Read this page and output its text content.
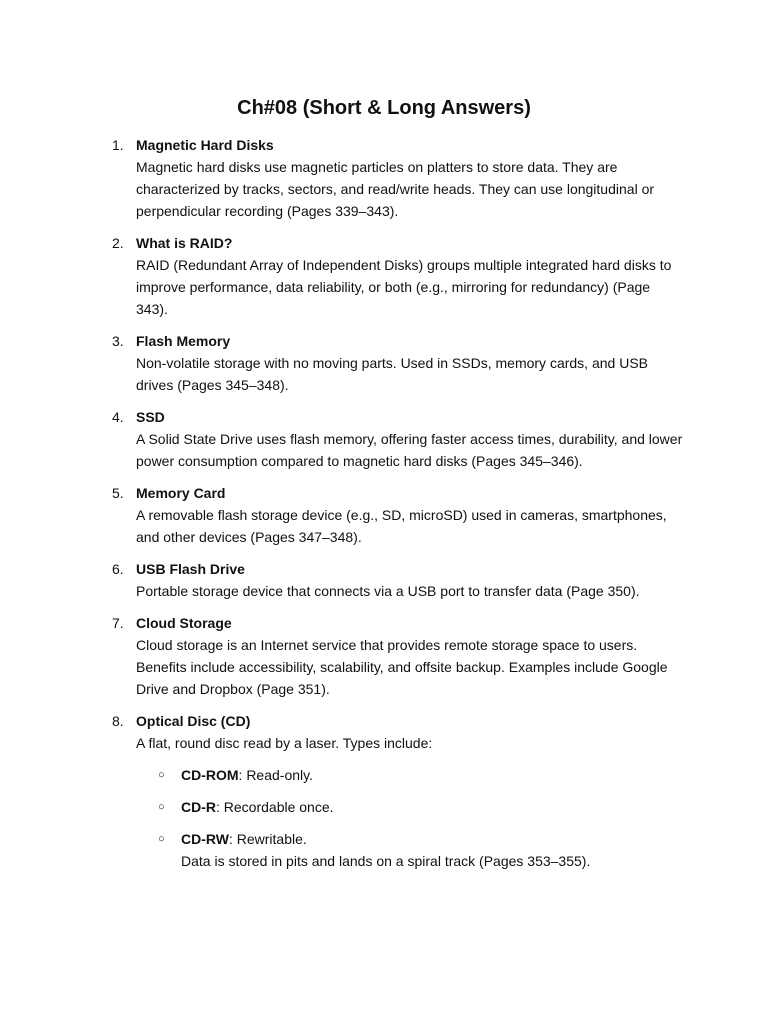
Ch#08 (Short & Long Answers)
1. Magnetic Hard Disks
Magnetic hard disks use magnetic particles on platters to store data. They are characterized by tracks, sectors, and read/write heads. They can use longitudinal or perpendicular recording (Pages 339–343).
2. What is RAID?
RAID (Redundant Array of Independent Disks) groups multiple integrated hard disks to improve performance, data reliability, or both (e.g., mirroring for redundancy) (Page 343).
3. Flash Memory
Non-volatile storage with no moving parts. Used in SSDs, memory cards, and USB drives (Pages 345–348).
4. SSD
A Solid State Drive uses flash memory, offering faster access times, durability, and lower power consumption compared to magnetic hard disks (Pages 345–346).
5. Memory Card
A removable flash storage device (e.g., SD, microSD) used in cameras, smartphones, and other devices (Pages 347–348).
6. USB Flash Drive
Portable storage device that connects via a USB port to transfer data (Page 350).
7. Cloud Storage
Cloud storage is an Internet service that provides remote storage space to users. Benefits include accessibility, scalability, and offsite backup. Examples include Google Drive and Dropbox (Page 351).
8. Optical Disc (CD)
A flat, round disc read by a laser. Types include:
○ CD-ROM: Read-only.
○ CD-R: Recordable once.
○ CD-RW: Rewritable.
Data is stored in pits and lands on a spiral track (Pages 353–355).
